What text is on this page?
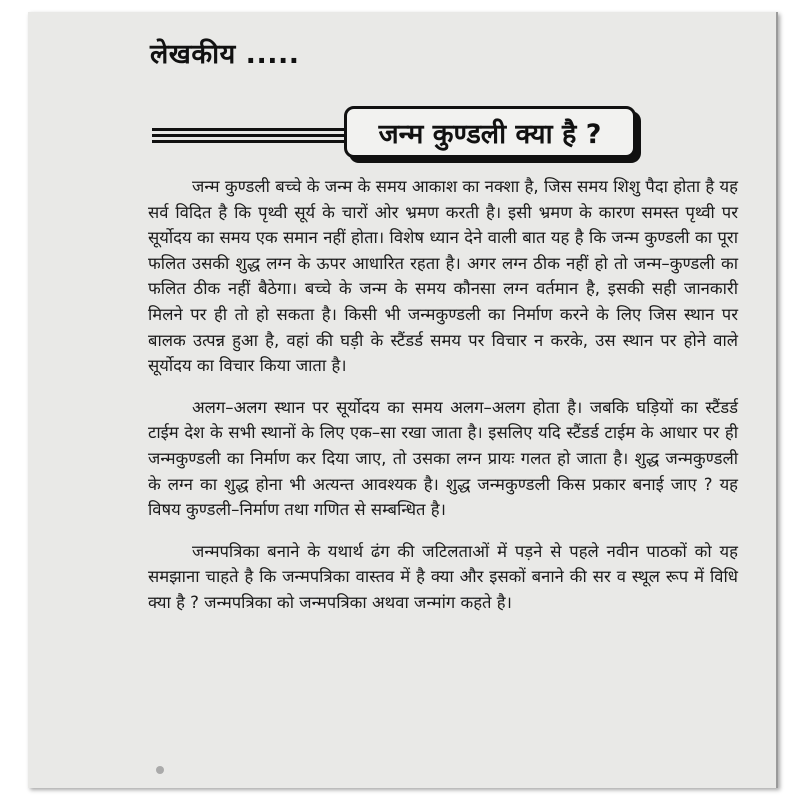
लेखकीय .....
जन्म कुण्डली क्या है ?

जन्म कुण्डली बच्चे के जन्म के समय आकाश का नक्शा है, जिस समय शिशु पैदा होता है यह सर्व विदित है कि पृथ्वी सूर्य के चारों ओर भ्रमण करती है। इसी भ्रमण के कारण समस्त पृथ्वी पर सूर्योदय का समय एक समान नहीं होता। विशेष ध्यान देने वाली बात यह है कि जन्म कुण्डली का पूरा फलित उसकी शुद्ध लग्न के ऊपर आधारित रहता है। अगर लग्न ठीक नहीं हो तो जन्म–कुण्डली का फलित ठीक नहीं बैठेगा। बच्चे के जन्म के समय कौनसा लग्न वर्तमान है, इसकी सही जानकारी मिलने पर ही तो हो सकता है। किसी भी जन्मकुण्डली का निर्माण करने के लिए जिस स्थान पर बालक उत्पन्न हुआ है, वहां की घड़ी के स्टैंडर्ड समय पर विचार न करके, उस स्थान पर होने वाले सूर्योदय का विचार किया जाता है।

अलग–अलग स्थान पर सूर्योदय का समय अलग–अलग होता है। जबकि घड़ियों का स्टैंडर्ड टाईम देश के सभी स्थानों के लिए एक–सा रखा जाता है। इसलिए यदि स्टैंडर्ड टाईम के आधार पर ही जन्मकुण्डली का निर्माण कर दिया जाए, तो उसका लग्न प्रायः गलत हो जाता है। शुद्ध जन्मकुण्डली के लग्न का शुद्ध होना भी अत्यन्त आवश्यक है। शुद्ध जन्मकुण्डली किस प्रकार बनाई जाए ? यह विषय कुण्डली–निर्माण तथा गणित से सम्बन्धित है।

जन्मपत्रिका बनाने के यथार्थ ढंग की जटिलताओं में पड़ने से पहले नवीन पाठकों को यह समझाना चाहते है कि जन्मपत्रिका वास्तव में है क्या और इसकों बनाने की सर व स्थूल रूप में विधि क्या है ? जन्मपत्रिका को जन्मपत्रिका अथवा जन्मांग कहते है।
